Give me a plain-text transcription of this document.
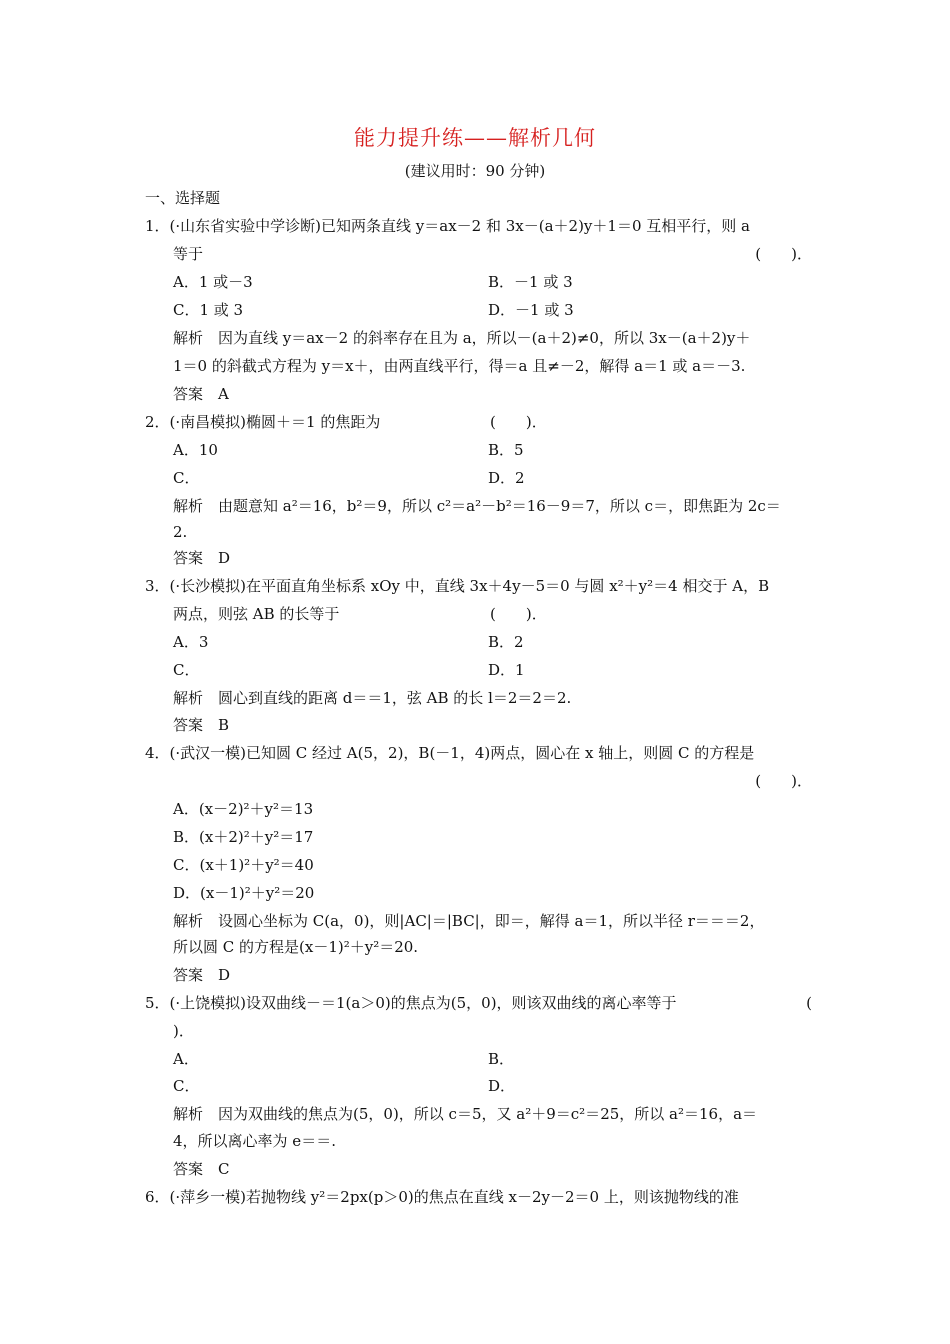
能力提升练——解析几何
(建议用时：90 分钟)
一、选择题
1．(·山东省实验中学诊断)已知两条直线 y＝ax－2 和 3x－(a＋2)y＋1＝0 互相平行，则 a
等于	(　　)．
A．1 或－3	B．－1 或 3
C．1 或 3	D．－1 或 3
解析　因为直线 y＝ax－2 的斜率存在且为 a，所以－(a＋2)≠0，所以 3x－(a＋2)y＋
1＝0 的斜截式方程为 y＝x＋，由两直线平行，得＝a 且≠－2，解得 a＝1 或 a＝－3.
答案　A
2．(·南昌模拟)椭圆＋＝1 的焦距为	(　　)．
A．10	B．5
C．	D．2
解析　由题意知 a²＝16，b²＝9，所以 c²＝a²－b²＝16－9＝7，所以 c＝，即焦距为 2c＝
2.
答案　D
3．(·长沙模拟)在平面直角坐标系 xOy 中，直线 3x＋4y－5＝0 与圆 x²＋y²＝4 相交于 A，B
两点，则弦 AB 的长等于	(　　)．
A．3	B．2
C．	D．1
解析　圆心到直线的距离 d＝＝1，弦 AB 的长 l＝2＝2＝2.
答案　B
4．(·武汉一模)已知圆 C 经过 A(5，2)，B(－1，4)两点，圆心在 x 轴上，则圆 C 的方程是
(　　)．
A．(x－2)²＋y²＝13
B．(x＋2)²＋y²＝17
C．(x＋1)²＋y²＝40
D．(x－1)²＋y²＝20
解析　设圆心坐标为 C(a，0)，则|AC|＝|BC|，即＝，解得 a＝1，所以半径 r＝＝＝2，
所以圆 C 的方程是(x－1)²＋y²＝20.
答案　D
5．(·上饶模拟)设双曲线－＝1(a＞0)的焦点为(5，0)，则该双曲线的离心率等于	(
)．
A．	B．
C．	D．
解析　因为双曲线的焦点为(5，0)，所以 c＝5，又 a²＋9＝c²＝25，所以 a²＝16，a＝
4，所以离心率为 e＝＝.
答案　C
6．(·萍乡一模)若抛物线 y²＝2px(p＞0)的焦点在直线 x－2y－2＝0 上，则该抛物线的准
